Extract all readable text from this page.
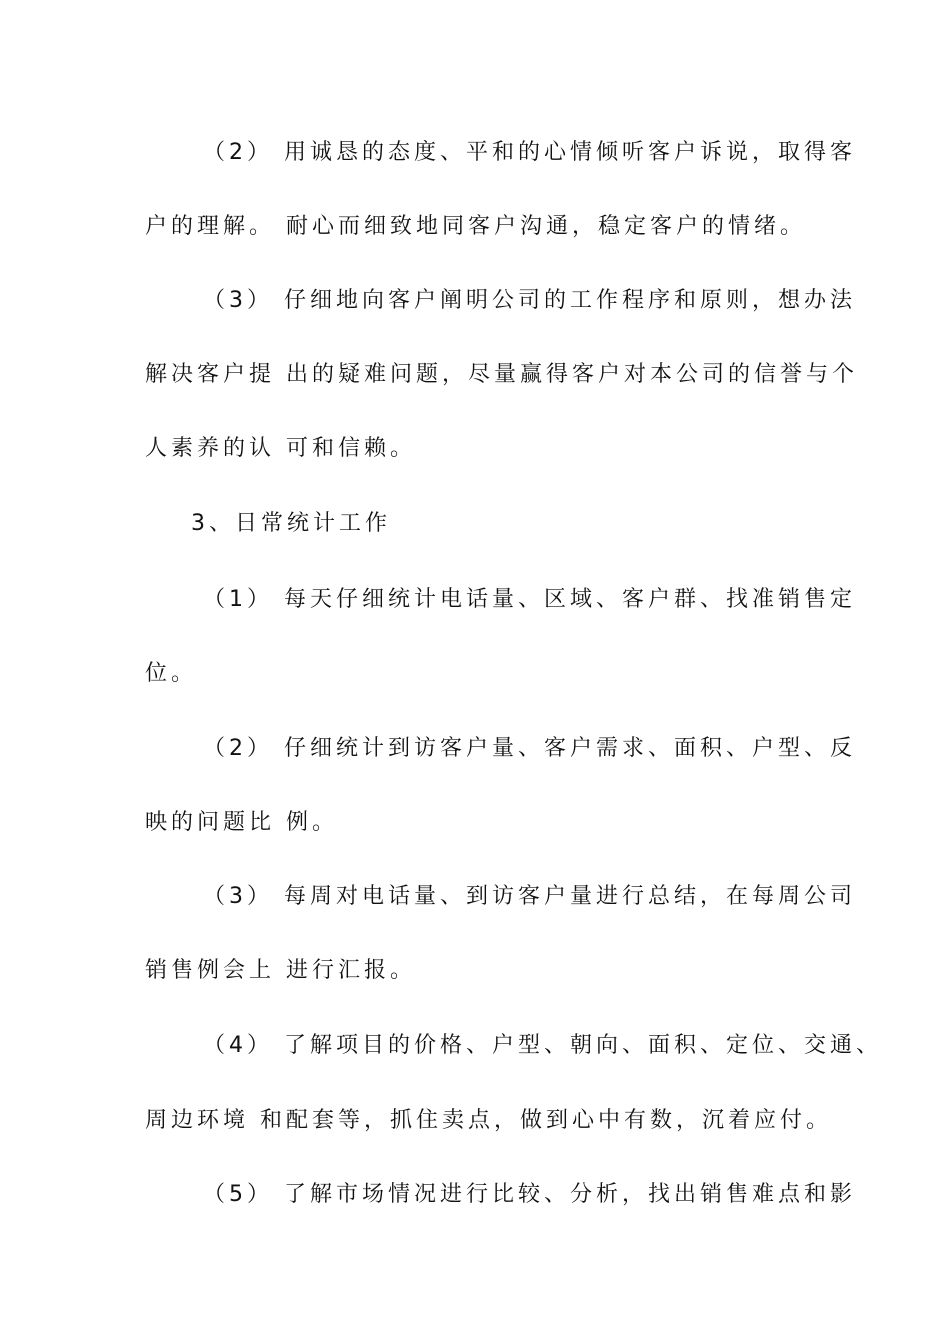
（2） 用诚恳的态度、平和的心情倾听客户诉说，取得客
户的理解。 耐心而细致地同客户沟通，稳定客户的情绪。
（3） 仔细地向客户阐明公司的工作程序和原则，想办法
解决客户提 出的疑难问题，尽量赢得客户对本公司的信誉与个
人素养的认 可和信赖。
3、日常统计工作
（1） 每天仔细统计电话量、区域、客户群、找准销售定
位。
（2） 仔细统计到访客户量、客户需求、面积、户型、反
映的问题比 例。
（3） 每周对电话量、到访客户量进行总结，在每周公司
销售例会上 进行汇报。
（4） 了解项目的价格、户型、朝向、面积、定位、交通、
周边环境 和配套等，抓住卖点，做到心中有数，沉着应付。
（5） 了解市场情况进行比较、分析，找出销售难点和影
